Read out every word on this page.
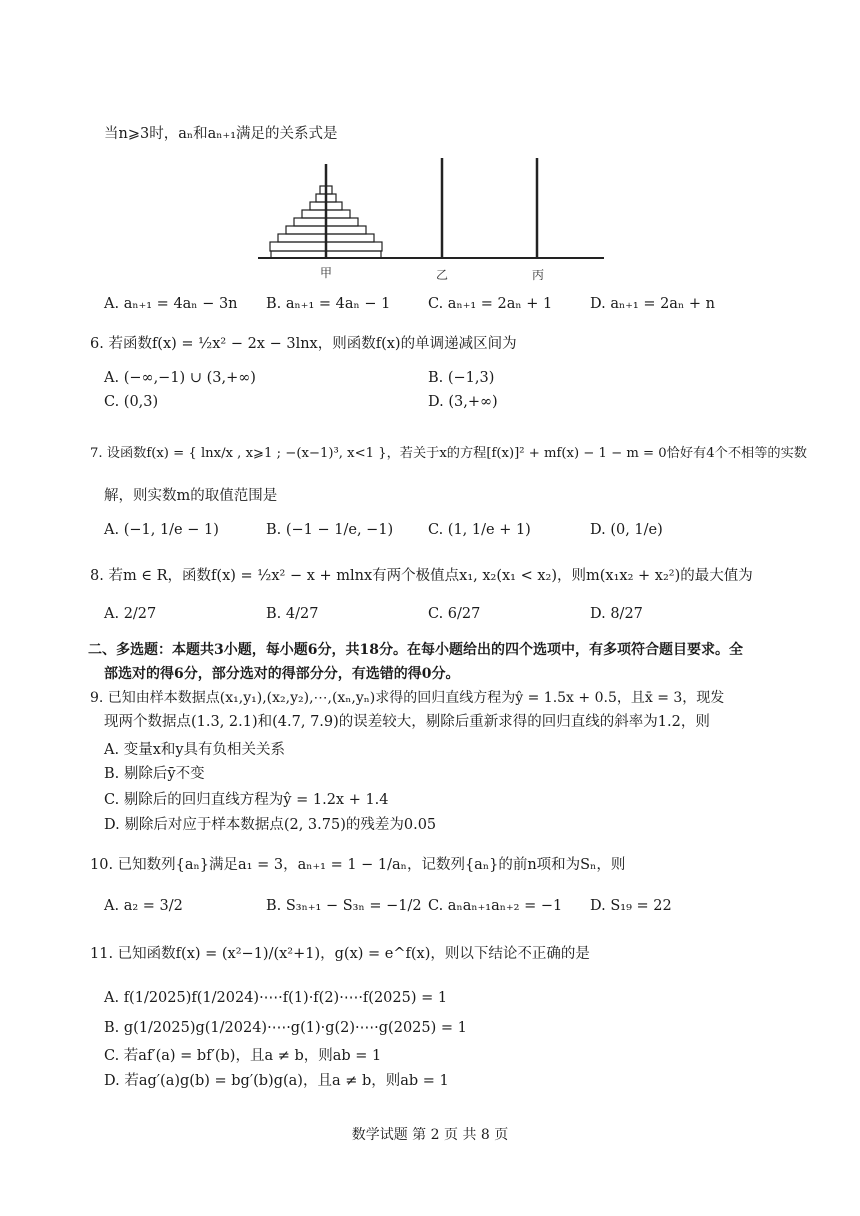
当n⩾3时，aₙ和aₙ₊₁满足的关系式是
甲	乙	丙
A. aₙ₊₁ = 4aₙ − 3n B. aₙ₊₁ = 4aₙ − 1	C. aₙ₊₁ = 2aₙ + 1	D. aₙ₊₁ = 2aₙ + n
6. 若函数f(x) = ½x² − 2x − 3lnx，则函数f(x)的单调递减区间为
A. (−∞,−1) ∪ (3,+∞)	B. (−1,3)
C. (0,3)	D. (3,+∞)
7. 设函数f(x) = { lnx/x , x⩾1 ; −(x−1)³, x<1 }，若关于x的方程[f(x)]² + mf(x) − 1 − m = 0恰好有4个不相等的实数
解，则实数m的取值范围是
A. (−1, 1/e − 1)	B. (−1 − 1/e, −1) C. (1, 1/e + 1)	D. (0, 1/e)
8. 若m ∈ R，函数f(x) = ½x² − x + mlnx有两个极值点x₁, x₂(x₁ < x₂)，则m(x₁x₂ + x₂²)的最大值为
A. 2/27	B. 4/27	C. 6/27	D. 8/27
二、多选题：本题共3小题，每小题6分，共18分。在每小题给出的四个选项中，有多项符合题目要求。全
部选对的得6分，部分选对的得部分分，有选错的得0分。
9. 已知由样本数据点(x₁,y₁),(x₂,y₂),⋯,(xₙ,yₙ)求得的回归直线方程为ŷ = 1.5x + 0.5，且x̄ = 3，现发
现两个数据点(1.3, 2.1)和(4.7, 7.9)的误差较大，剔除后重新求得的回归直线的斜率为1.2，则
A. 变量x和y具有负相关关系
B. 剔除后ȳ不变
C. 剔除后的回归直线方程为ŷ = 1.2x + 1.4
D. 剔除后对应于样本数据点(2, 3.75)的残差为0.05
10. 已知数列{aₙ}满足a₁ = 3，aₙ₊₁ = 1 − 1/aₙ，记数列{aₙ}的前n项和为Sₙ，则
A. a₂ = 3/2	B. S₃ₙ₊₁ − S₃ₙ = −1/2 C. aₙaₙ₊₁aₙ₊₂ = −1 D. S₁₉ = 22
11. 已知函数f(x) = (x²−1)/(x²+1)，g(x) = e^f(x)，则以下结论不正确的是
A. f(1/2025)f(1/2024)·⋯·f(1)·f(2)·⋯·f(2025) = 1
B. g(1/2025)g(1/2024)·⋯·g(1)·g(2)·⋯·g(2025) = 1
C. 若af′(a) = bf′(b)，且a ≠ b，则ab = 1
D. 若ag′(a)g(b) = bg′(b)g(a)，且a ≠ b，则ab = 1
数学试题 第 2 页 共 8 页
